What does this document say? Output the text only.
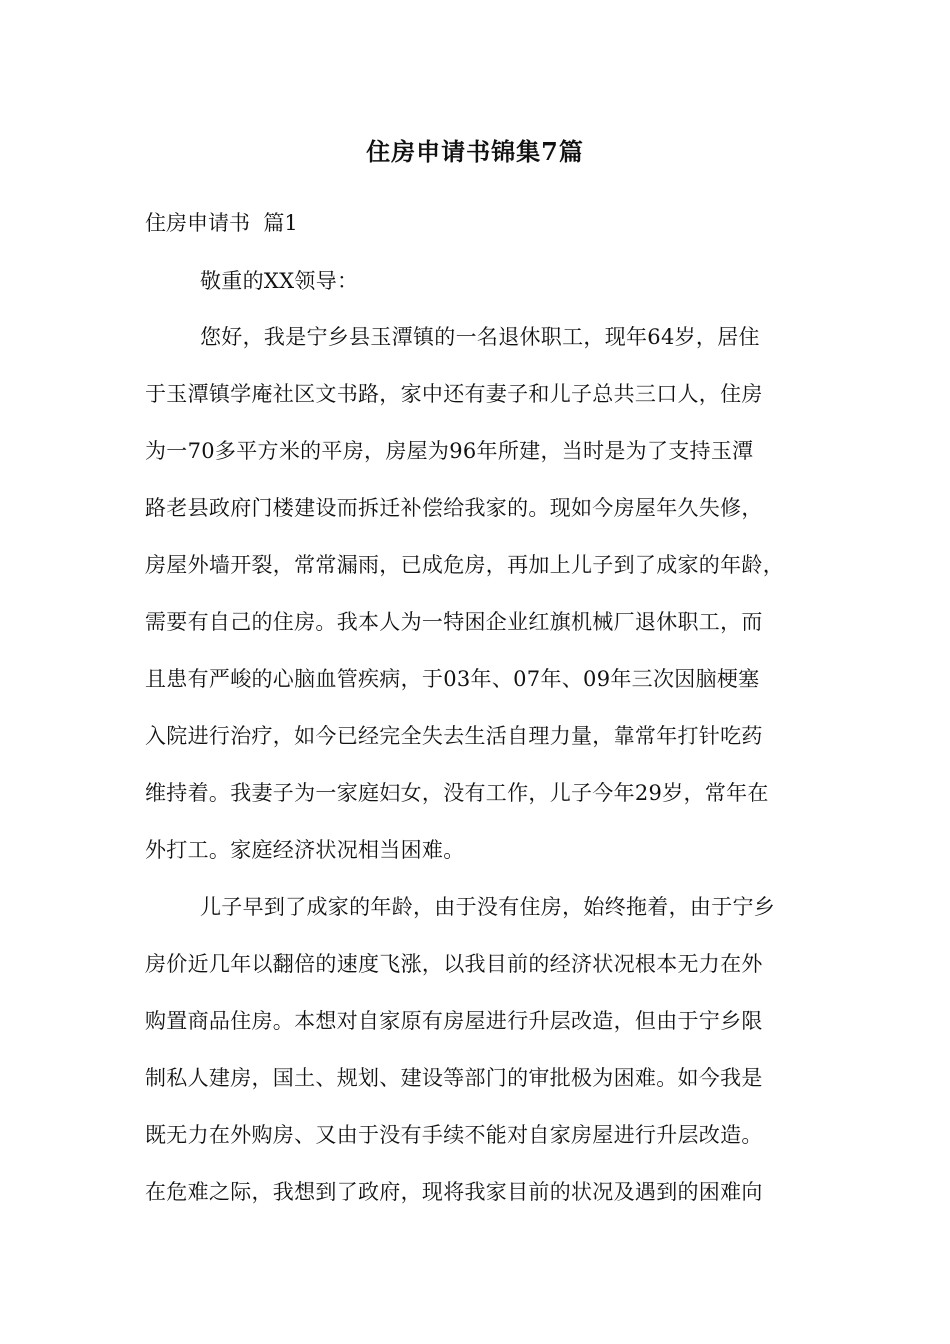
住房申请书锦集7篇
住房申请书  篇1
敬重的XX领导：
您好，我是宁乡县玉潭镇的一名退休职工，现年64岁，居住
于玉潭镇学庵社区文书路，家中还有妻子和儿子总共三口人，住房
为一70多平方米的平房，房屋为96年所建，当时是为了支持玉潭
路老县政府门楼建设而拆迁补偿给我家的。现如今房屋年久失修，
房屋外墙开裂，常常漏雨，已成危房，再加上儿子到了成家的年龄，
需要有自己的住房。我本人为一特困企业红旗机械厂退休职工，而
且患有严峻的心脑血管疾病，于03年、07年、09年三次因脑梗塞
入院进行治疗，如今已经完全失去生活自理力量，靠常年打针吃药
维持着。我妻子为一家庭妇女，没有工作，儿子今年29岁，常年在
外打工。家庭经济状况相当困难。
儿子早到了成家的年龄，由于没有住房，始终拖着，由于宁乡
房价近几年以翻倍的速度飞涨，以我目前的经济状况根本无力在外
购置商品住房。本想对自家原有房屋进行升层改造，但由于宁乡限
制私人建房，国土、规划、建设等部门的审批极为困难。如今我是
既无力在外购房、又由于没有手续不能对自家房屋进行升层改造。
在危难之际，我想到了政府，现将我家目前的状况及遇到的困难向
